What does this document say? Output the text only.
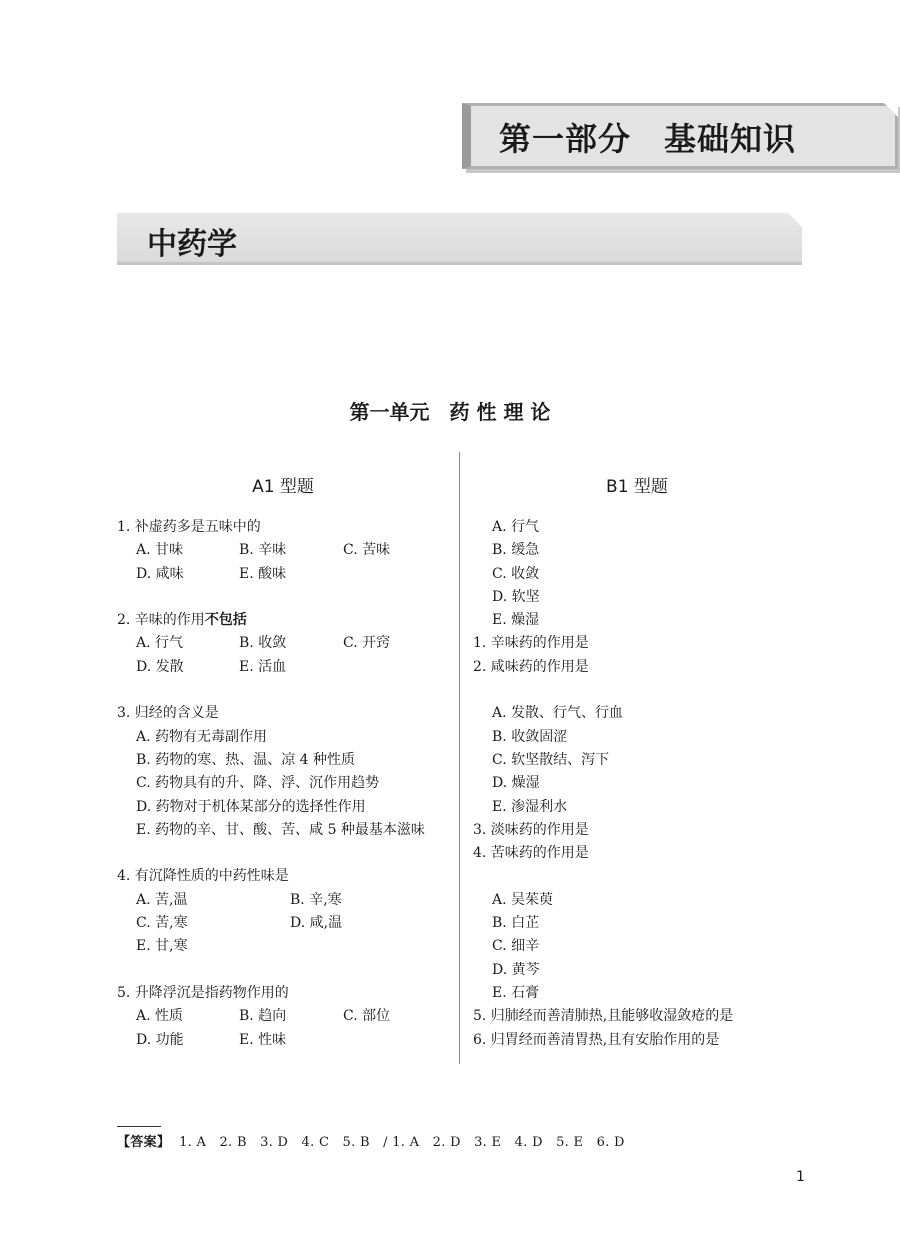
第一部分　基础知识
中药学
第一单元　药 性 理 论
A1 型题	B1 型题
1. 补虚药多是五味中的
A. 甘味	B. 辛味	C. 苦味
D. 咸味	E. 酸味
2. 辛味的作用不包括
A. 行气	B. 收敛	C. 开窍
D. 发散	E. 活血
3. 归经的含义是
A. 药物有无毒副作用
B. 药物的寒、热、温、凉 4 种性质
C. 药物具有的升、降、浮、沉作用趋势
D. 药物对于机体某部分的选择性作用
E. 药物的辛、甘、酸、苦、咸 5 种最基本滋味
4. 有沉降性质的中药性味是
A. 苦,温	B. 辛,寒
C. 苦,寒	D. 咸,温
E. 甘,寒
5. 升降浮沉是指药物作用的
A. 性质	B. 趋向	C. 部位
D. 功能	E. 性味
A. 行气
B. 缓急
C. 收敛
D. 软坚
E. 燥湿
1. 辛味药的作用是
2. 咸味药的作用是
A. 发散、行气、行血
B. 收敛固涩
C. 软坚散结、泻下
D. 燥湿
E. 渗湿利水
3. 淡味药的作用是
4. 苦味药的作用是
A. 吴茱萸
B. 白芷
C. 细辛
D. 黄芩
E. 石膏
5. 归肺经而善清肺热,且能够收湿敛疮的是
6. 归胃经而善清胃热,且有安胎作用的是
【答案】 1. A　2. B　3. D　4. C　5. B　/ 1. A　2. D　3. E　4. D　5. E　6. D
1
